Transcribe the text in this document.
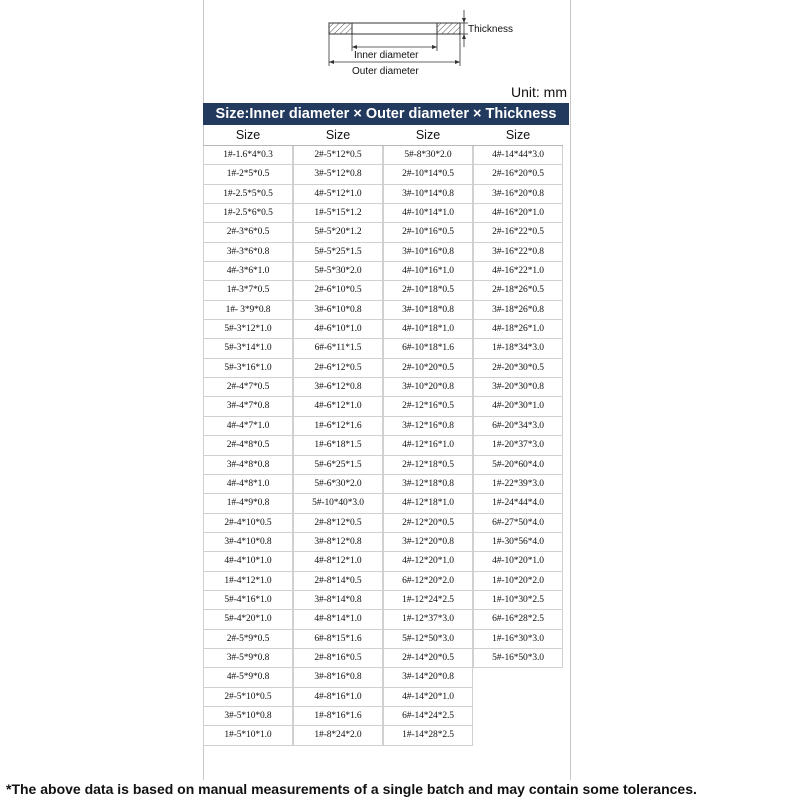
Thickness
Inner diameter
Outer diameter
Unit: mm
Size:Inner diameter × Outer diameter × Thickness
Size
1#-1.6*4*0.3
1#-2*5*0.5
1#-2.5*5*0.5
1#-2.5*6*0.5
2#-3*6*0.5
3#-3*6*0.8
4#-3*6*1.0
1#-3*7*0.5
1#- 3*9*0.8
5#-3*12*1.0
5#-3*14*1.0
5#-3*16*1.0
2#-4*7*0.5
3#-4*7*0.8
4#-4*7*1.0
2#-4*8*0.5
3#-4*8*0.8
4#-4*8*1.0
1#-4*9*0.8
2#-4*10*0.5
3#-4*10*0.8
4#-4*10*1.0
1#-4*12*1.0
5#-4*16*1.0
5#-4*20*1.0
2#-5*9*0.5
3#-5*9*0.8
4#-5*9*0.8
2#-5*10*0.5
3#-5*10*0.8
1#-5*10*1.0
Size
2#-5*12*0.5
3#-5*12*0.8
4#-5*12*1.0
1#-5*15*1.2
5#-5*20*1.2
5#-5*25*1.5
5#-5*30*2.0
2#-6*10*0.5
3#-6*10*0.8
4#-6*10*1.0
6#-6*11*1.5
2#-6*12*0.5
3#-6*12*0.8
4#-6*12*1.0
1#-6*12*1.6
1#-6*18*1.5
5#-6*25*1.5
5#-6*30*2.0
5#-10*40*3.0
2#-8*12*0.5
3#-8*12*0.8
4#-8*12*1.0
2#-8*14*0.5
3#-8*14*0.8
4#-8*14*1.0
6#-8*15*1.6
2#-8*16*0.5
3#-8*16*0.8
4#-8*16*1.0
1#-8*16*1.6
1#-8*24*2.0
Size
5#-8*30*2.0
2#-10*14*0.5
3#-10*14*0.8
4#-10*14*1.0
2#-10*16*0.5
3#-10*16*0.8
4#-10*16*1.0
2#-10*18*0.5
3#-10*18*0.8
4#-10*18*1.0
6#-10*18*1.6
2#-10*20*0.5
3#-10*20*0.8
2#-12*16*0.5
3#-12*16*0.8
4#-12*16*1.0
2#-12*18*0.5
3#-12*18*0.8
4#-12*18*1.0
2#-12*20*0.5
3#-12*20*0.8
4#-12*20*1.0
6#-12*20*2.0
1#-12*24*2.5
1#-12*37*3.0
5#-12*50*3.0
2#-14*20*0.5
3#-14*20*0.8
4#-14*20*1.0
6#-14*24*2.5
1#-14*28*2.5
Size
4#-14*44*3.0
2#-16*20*0.5
3#-16*20*0.8
4#-16*20*1.0
2#-16*22*0.5
3#-16*22*0.8
4#-16*22*1.0
2#-18*26*0.5
3#-18*26*0.8
4#-18*26*1.0
1#-18*34*3.0
2#-20*30*0.5
3#-20*30*0.8
4#-20*30*1.0
6#-20*34*3.0
1#-20*37*3.0
5#-20*60*4.0
1#-22*39*3.0
1#-24*44*4.0
6#-27*50*4.0
1#-30*56*4.0
4#-10*20*1.0
1#-10*20*2.0
1#-10*30*2.5
6#-16*28*2.5
1#-16*30*3.0
5#-16*50*3.0
*The above data is based on manual measurements of a single batch and may contain some tolerances.
